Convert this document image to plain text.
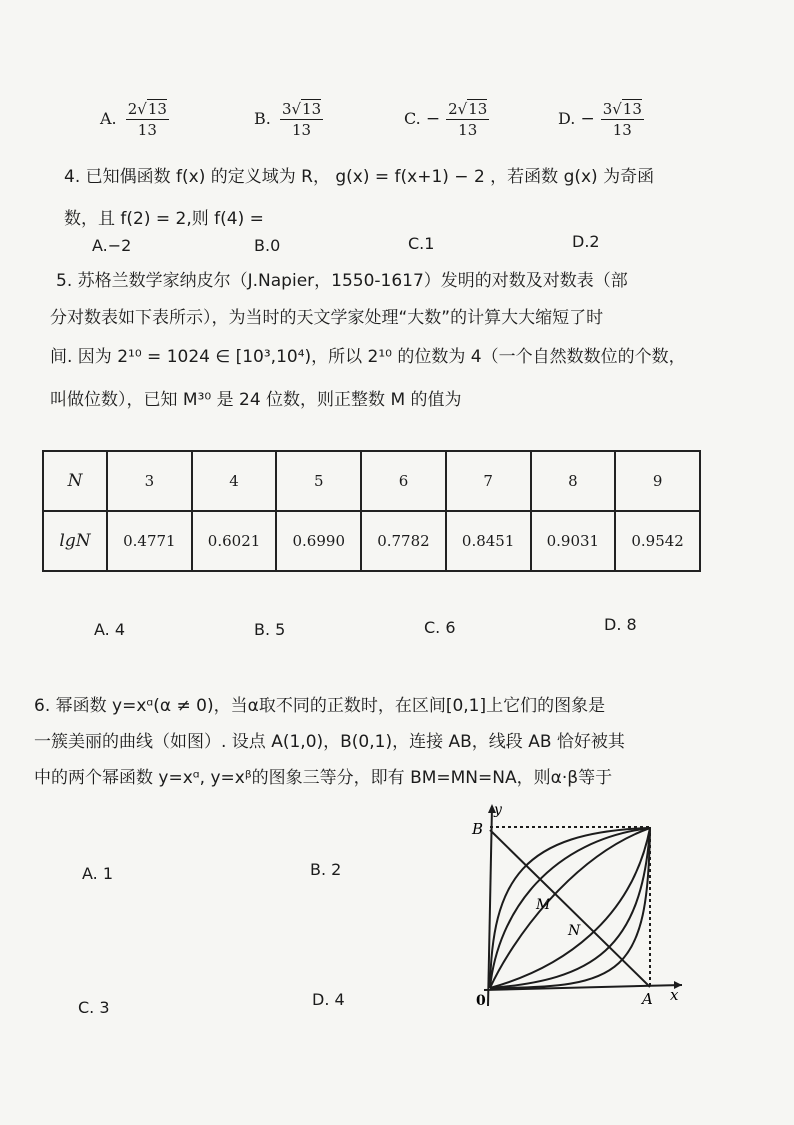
A. $\frac{2√13}{13}$	B. $\frac{3√13}{13}$	C. − $\frac{2√13}{13}$	D. − $\frac{3√13}{13}$
4. 已知偶函数 f(x) 的定义域为 R， g(x) = f(x+1) − 2 ，若函数 g(x) 为奇函
数，且 f(2) = 2,则 f(4) =
A.−2	B.0	C.1	D.2
5. 苏格兰数学家纳皮尔（J.Napier，1550-1617）发明的对数及对数表（部
分对数表如下表所示），为当时的天文学家处理“大数”的计算大大缩短了时
间. 因为 2¹⁰ = 1024 ∈ [10³,10⁴)，所以 2¹⁰ 的位数为 4（一个自然数数位的个数，
叫做位数），已知 M³⁰ 是 24 位数，则正整数 M 的值为
N	3	4	5	6	7	8	9
lgN	0.4771	0.6021	0.6990	0.7782	0.8451	0.9031	0.9542
A. 4	B. 5	C. 6	D. 8
6. 幂函数 y=xᵅ(α ≠ 0)，当α取不同的正数时，在区间[0,1]上它们的图象是
一簇美丽的曲线（如图）. 设点 A(1,0)，B(0,1)，连接 AB，线段 AB 恰好被其
中的两个幂函数 y=xᵅ, y=xᵝ的图象三等分，即有 BM=MN=NA，则α·β等于
A. 1	B. 2
C. 3	D. 4
y
x
0	A
B
M
N
